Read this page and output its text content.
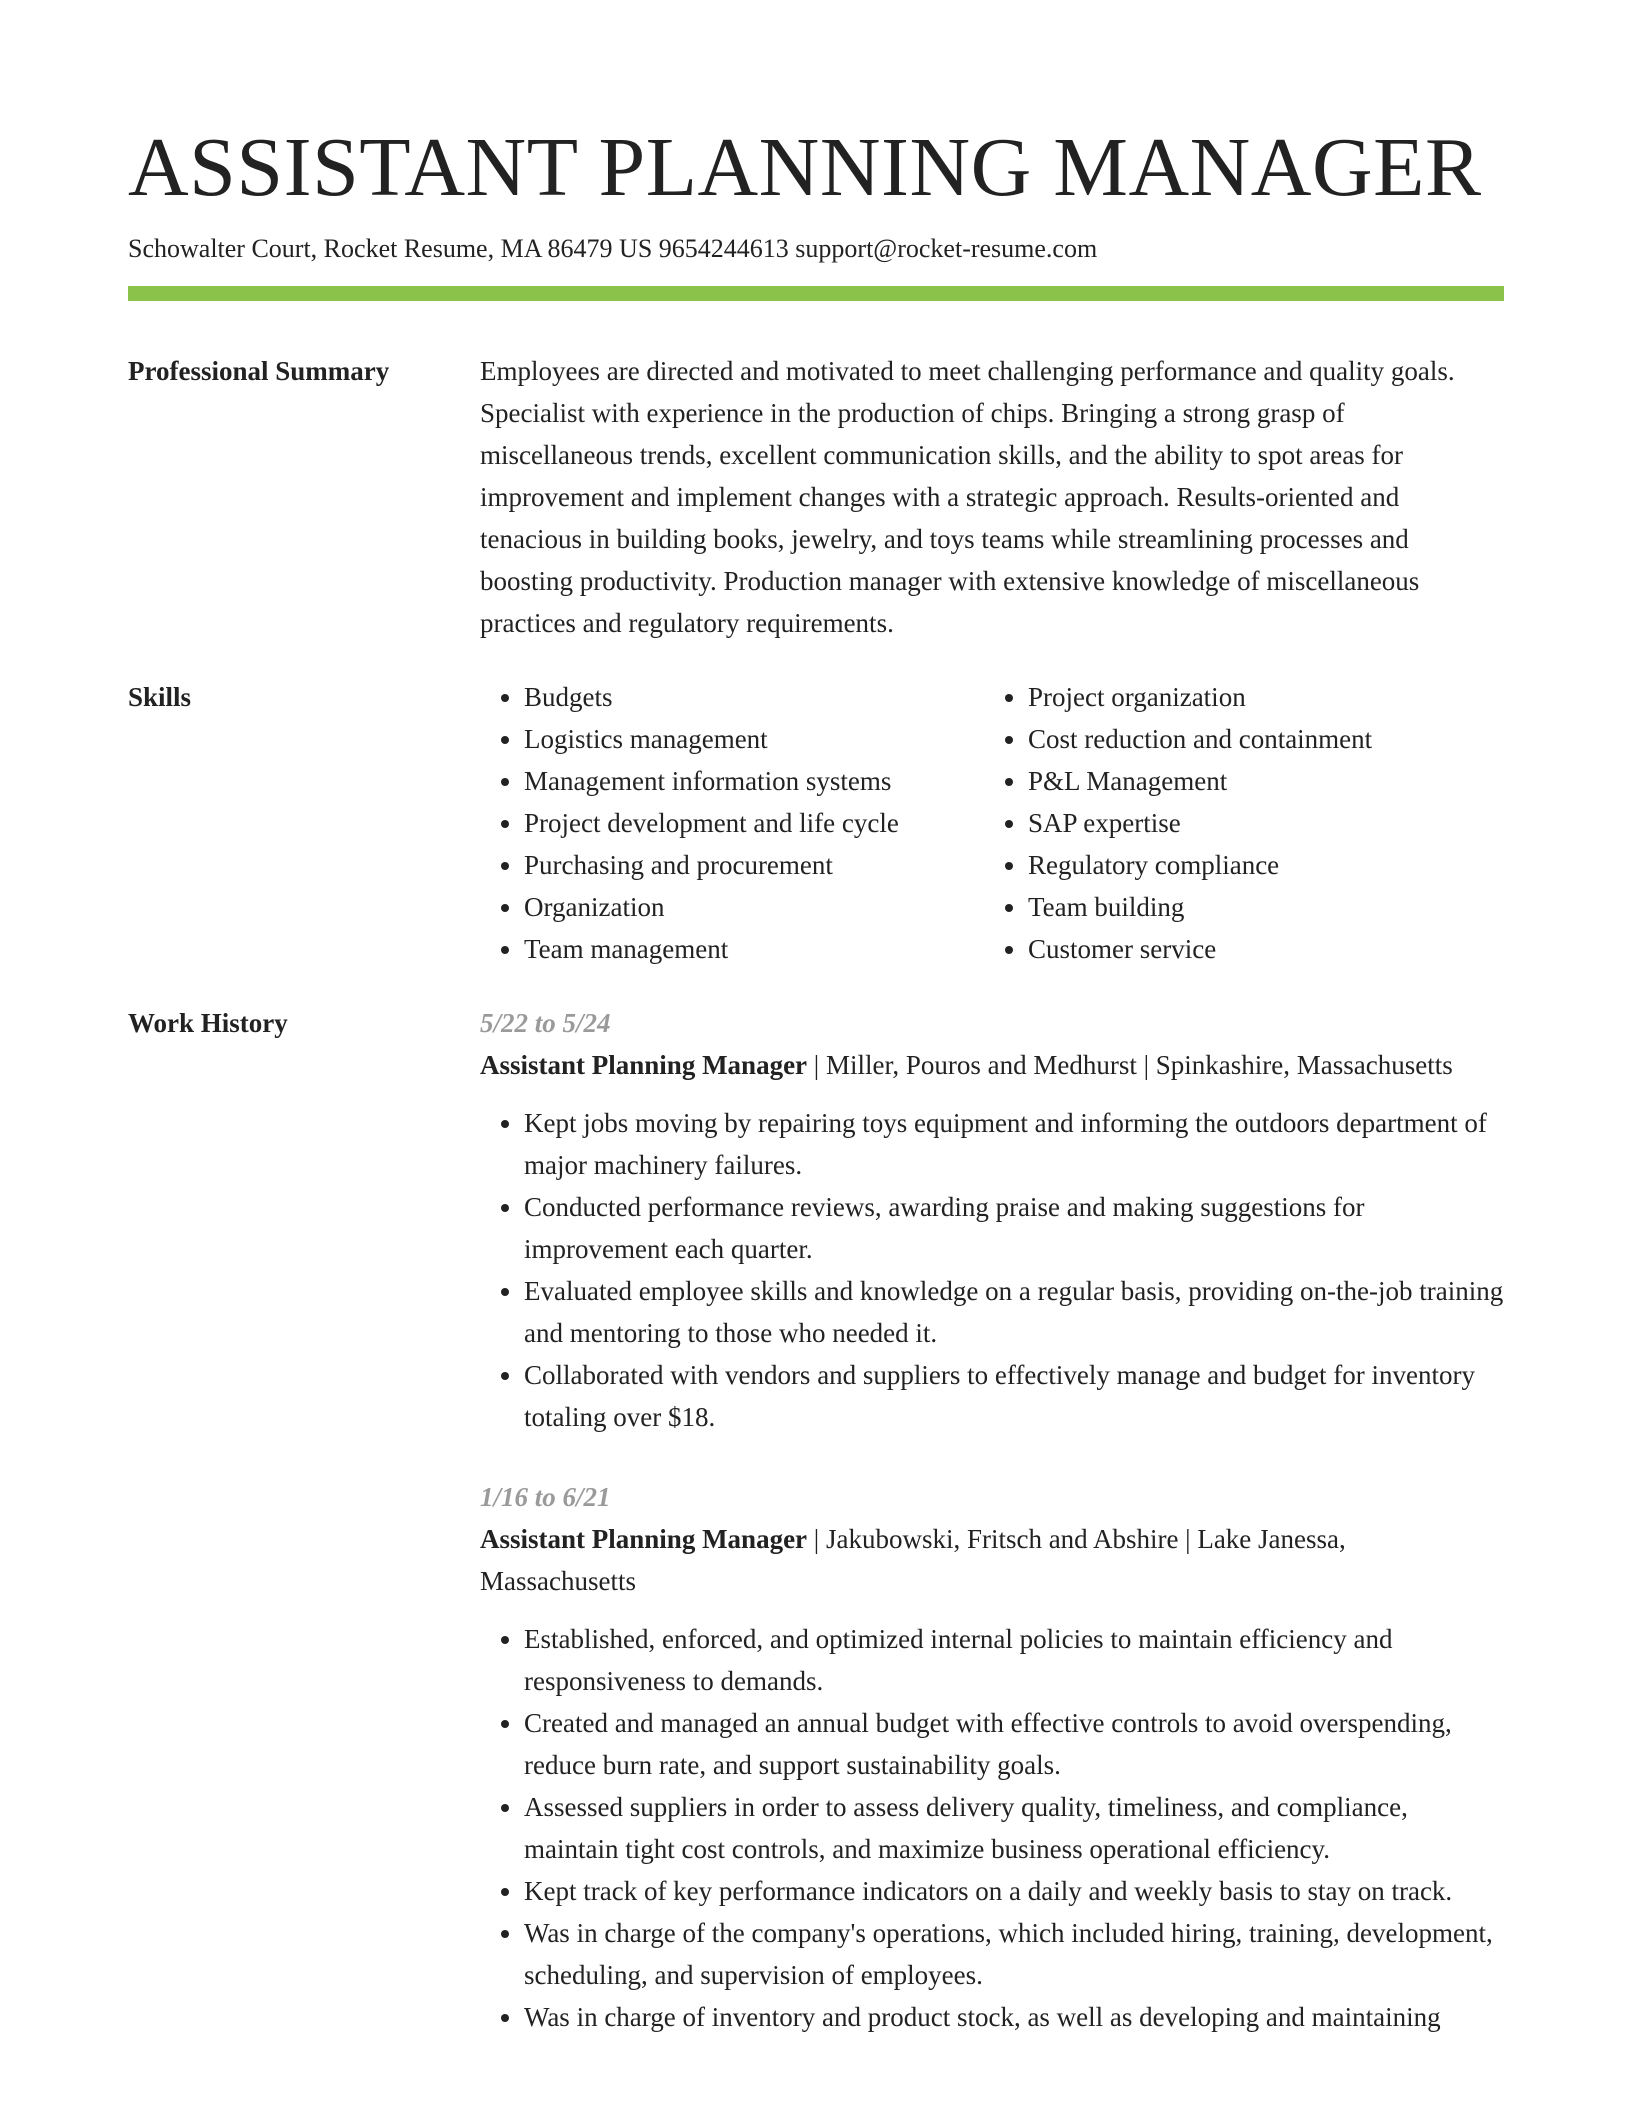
ASSISTANT PLANNING MANAGER
Schowalter Court, Rocket Resume, MA 86479 US 9654244613 support@rocket-resume.com
Professional Summary	Employees are directed and motivated to meet challenging performance and quality goals. Specialist with experience in the production of chips. Bringing a strong grasp of miscellaneous trends, excellent communication skills, and the ability to spot areas for improvement and implement changes with a strategic approach. Results-oriented and tenacious in building books, jewelry, and toys teams while streamlining processes and boosting productivity. Production manager with extensive knowledge of miscellaneous practices and regulatory requirements.

Skills
•	Budgets
• Logistics management
• Management information systems
• Project development and life cycle
• Purchasing and procurement
• Organization
• Team management
• Project organization
• Cost reduction and containment
• P&L Management
• SAP expertise
• Regulatory compliance
• Team building
• Customer service
Work History	5/22 to 5/24

Assistant Planning Manager | Miller, Pouros and Medhurst | Spinkashire, Massachusetts

• Kept jobs moving by repairing toys equipment and informing the outdoors department of major machinery failures.
• Conducted performance reviews, awarding praise and making suggestions for improvement each quarter.
• Evaluated employee skills and knowledge on a regular basis, providing on-the-job training and mentoring to those who needed it.
• Collaborated with vendors and suppliers to effectively manage and budget for inventory totaling over $18.
1/16 to 6/21

Assistant Planning Manager | Jakubowski, Fritsch and Abshire | Lake Janessa, Massachusetts

• Established, enforced, and optimized internal policies to maintain efficiency and responsiveness to demands.
• Created and managed an annual budget with effective controls to avoid overspending, reduce burn rate, and support sustainability goals.
• Assessed suppliers in order to assess delivery quality, timeliness, and compliance, maintain tight cost controls, and maximize business operational efficiency.
• Kept track of key performance indicators on a daily and weekly basis to stay on track.
• Was in charge of the company's operations, which included hiring, training, development, scheduling, and supervision of employees.
• Was in charge of inventory and product stock, as well as developing and maintaining
